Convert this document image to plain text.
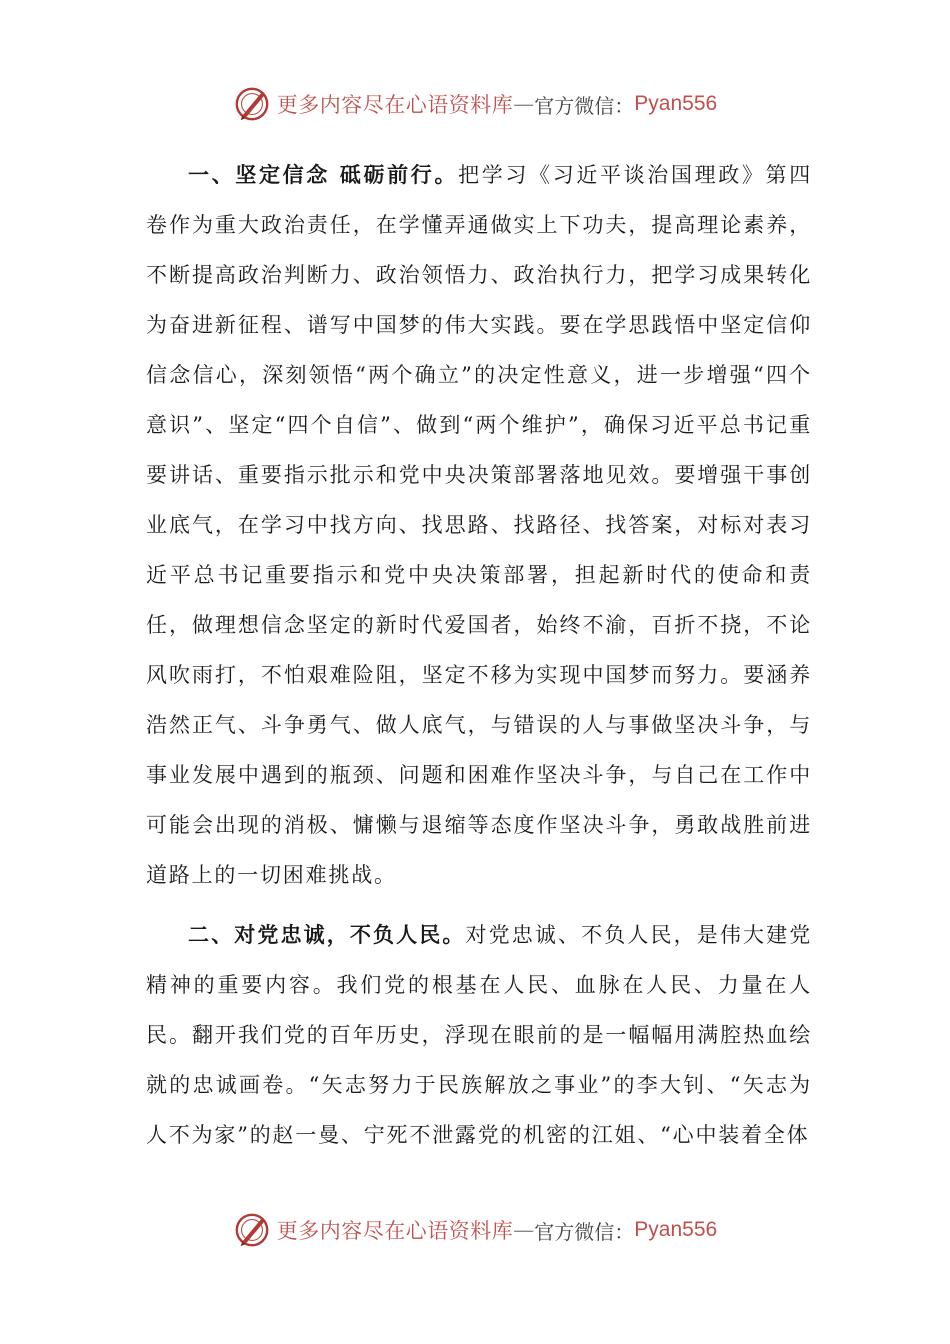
更多内容尽在心语资料库 — 官方微信： Pyan556

一、坚定信念 砥砺前行。把学习《习近平谈治国理政》第四卷作为重大政治责任，在学懂弄通做实上下功夫，提高理论素养，不断提高政治判断力、政治领悟力、政治执行力，把学习成果转化为奋进新征程、谱写中国梦的伟大实践。要在学思践悟中坚定信仰信念信心，深刻领悟“两个确立”的决定性意义，进一步增强“四个意识”、坚定“四个自信”、做到“两个维护”，确保习近平总书记重要讲话、重要指示批示和党中央决策部署落地见效。要增强干事创业底气，在学习中找方向、找思路、找路径、找答案，对标对表习近平总书记重要指示和党中央决策部署，担起新时代的使命和责任，做理想信念坚定的新时代爱国者，始终不渝，百折不挠，不论风吹雨打，不怕艰难险阻，坚定不移为实现中国梦而努力。要涵养浩然正气、斗争勇气、做人底气，与错误的人与事做坚决斗争，与事业发展中遇到的瓶颈、问题和困难作坚决斗争，与自己在工作中可能会出现的消极、慵懒与退缩等态度作坚决斗争，勇敢战胜前进道路上的一切困难挑战。

二、对党忠诚，不负人民。对党忠诚、不负人民，是伟大建党精神的重要内容。我们党的根基在人民、血脉在人民、力量在人民。翻开我们党的百年历史，浮现在眼前的是一幅幅用满腔热血绘就的忠诚画卷。“矢志努力于民族解放之事业”的李大钊、“矢志为人不为家”的赵一曼、宁死不泄露党的机密的江姐、“心中装着全体

更多内容尽在心语资料库 — 官方微信： Pyan556
